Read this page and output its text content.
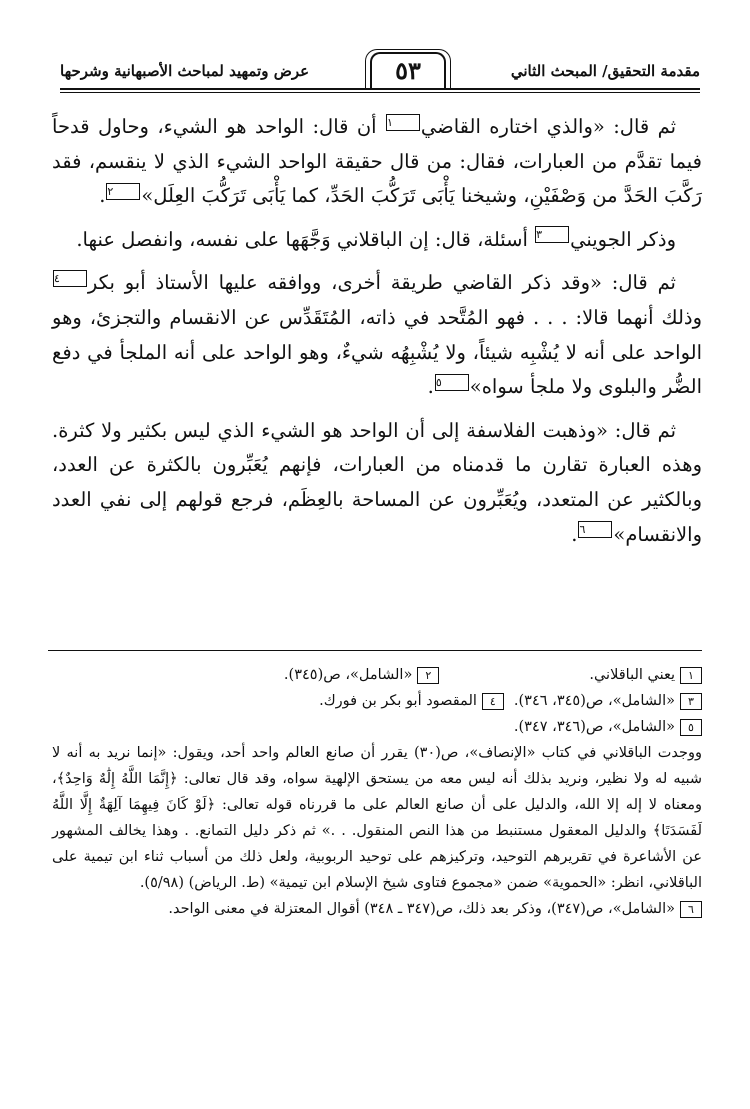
مقدمة التحقيق/ المبحث الثاني
٥٣
عرض وتمهيد لمباحث الأصبهانية وشرحها

ثم قال: «والذي اختاره القاضي١ أن قال: الواحد هو الشيء، وحاول قدحاً فيما تقدَّم من العبارات، فقال: من قال حقيقة الواحد الشيء الذي لا ينقسم، فقد رَكَّبَ الحَدَّ من وَصْفَيْنِ، وشيخنا يَأْبَى تَرَكُّبَ الحَدِّ، كما يَأْبَى تَرَكُّبَ العِلَل»٢.

وذكر الجويني٣ أسئلة، قال: إن الباقلاني وَجَّهَها على نفسه، وانفصل عنها.

ثم قال: «وقد ذكر القاضي طريقة أخرى، ووافقه عليها الأستاذ أبو بكر٤ وذلك أنهما قالا: . . . فهو المُتَّحد في ذاته، المُتَقَدِّس عن الانقسام والتجزئ، وهو الواحد على أنه لا يُشْبِه شيئاً، ولا يُشْبِهُه شيءٌ، وهو الواحد على أنه الملجأ في دفع الضُّر والبلوى ولا ملجأ سواه»٥.

ثم قال: «وذهبت الفلاسفة إلى أن الواحد هو الشيء الذي ليس بكثير ولا كثرة. وهذه العبارة تقارن ما قدمناه من العبارات، فإنهم يُعَبِّرون بالكثرة عن العدد، وبالكثير عن المتعدد، ويُعَبِّرون عن المساحة بالعِظَم، فرجع قولهم إلى نفي العدد والانقسام»٦.

١يعني الباقلاني.
٢«الشامل»، ص(٣٤٥).
٣«الشامل»، ص(٣٤٥، ٣٤٦).
٤المقصود أبو بكر بن فورك.
٥«الشامل»، ص(٣٤٦، ٣٤٧).

ووجدت الباقلاني في كتاب «الإنصاف»، ص(٣٠) يقرر أن صانع العالم واحد أحد، ويقول: «إنما نريد به أنه لا شبيه له ولا نظير، ونريد بذلك أنه ليس معه من يستحق الإلهية سواه، وقد قال تعالى: ﴿إِنَّمَا اللَّهُ إِلَٰهٌ وَاحِدٌ﴾، ومعناه لا إله إلا الله، والدليل على أن صانع العالم على ما قررناه قوله تعالى: ﴿لَوْ كَانَ فِيهِمَا آلِهَةٌ إِلَّا اللَّهُ لَفَسَدَتَا﴾ والدليل المعقول مستنبط من هذا النص المنقول. . .» ثم ذكر دليل التمانع. . وهذا يخالف المشهور عن الأشاعرة في تقريرهم التوحيد، وتركيزهم على توحيد الربوبية، ولعل ذلك من أسباب ثناء ابن تيمية على الباقلاني، انظر: «الحموية» ضمن «مجموع فتاوى شيخ الإسلام ابن تيمية» (ط. الرياض) (٥/٩٨).

٦«الشامل»، ص(٣٤٧)، وذكر بعد ذلك، ص(٣٤٧ ـ ٣٤٨) أقوال المعتزلة في معنى الواحد.
